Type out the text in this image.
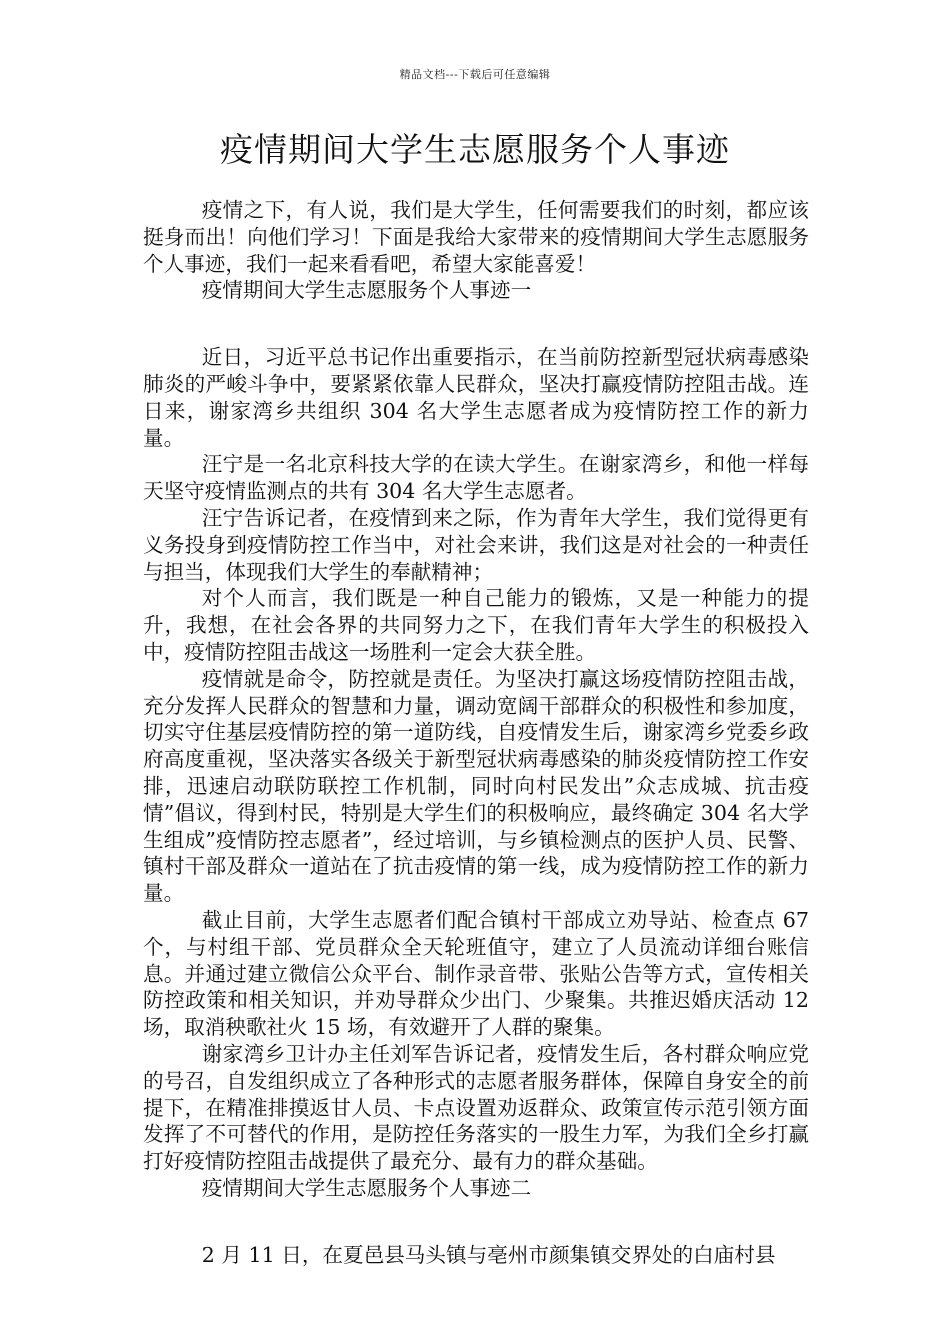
精品文档---下载后可任意编辑
疫情期间大学生志愿服务个人事迹

疫情之下，有人说，我们是大学生，任何需要我们的时刻，都应该挺身而出！向他们学习！下面是我给大家带来的疫情期间大学生志愿服务个人事迹，我们一起来看看吧，希望大家能喜爱！

疫情期间大学生志愿服务个人事迹一

近日，习近平总书记作出重要指示，在当前防控新型冠状病毒感染肺炎的严峻斗争中，要紧紧依靠人民群众，坚决打赢疫情防控阻击战。连日来，谢家湾乡共组织 304 名大学生志愿者成为疫情防控工作的新力量。

汪宁是一名北京科技大学的在读大学生。在谢家湾乡，和他一样每天坚守疫情监测点的共有 304 名大学生志愿者。

汪宁告诉记者，在疫情到来之际，作为青年大学生，我们觉得更有义务投身到疫情防控工作当中，对社会来讲，我们这是对社会的一种责任与担当，体现我们大学生的奉献精神；

对个人而言，我们既是一种自己能力的锻炼，又是一种能力的提升，我想，在社会各界的共同努力之下，在我们青年大学生的积极投入中，疫情防控阻击战这一场胜利一定会大获全胜。

疫情就是命令，防控就是责任。为坚决打赢这场疫情防控阻击战，充分发挥人民群众的智慧和力量，调动宽阔干部群众的积极性和参加度，切实守住基层疫情防控的第一道防线，自疫情发生后，谢家湾乡党委乡政府高度重视，坚决落实各级关于新型冠状病毒感染的肺炎疫情防控工作安排，迅速启动联防联控工作机制，同时向村民发出”众志成城、抗击疫情”倡议，得到村民，特别是大学生们的积极响应，最终确定 304 名大学生组成”疫情防控志愿者”，经过培训，与乡镇检测点的医护人员、民警、镇村干部及群众一道站在了抗击疫情的第一线，成为疫情防控工作的新力量。

截止目前，大学生志愿者们配合镇村干部成立劝导站、检查点 67 个，与村组干部、党员群众全天轮班值守，建立了人员流动详细台账信息。并通过建立微信公众平台、制作录音带、张贴公告等方式，宣传相关防控政策和相关知识，并劝导群众少出门、少聚集。共推迟婚庆活动 12 场，取消秧歌社火 15 场，有效避开了人群的聚集。

谢家湾乡卫计办主任刘军告诉记者，疫情发生后，各村群众响应党的号召，自发组织成立了各种形式的志愿者服务群体，保障自身安全的前提下，在精准排摸返甘人员、卡点设置劝返群众、政策宣传示范引领方面发挥了不可替代的作用，是防控任务落实的一股生力军，为我们全乡打赢打好疫情防控阻击战提供了最充分、最有力的群众基础。

疫情期间大学生志愿服务个人事迹二

2 月 11 日，在夏邑县马头镇与亳州市颜集镇交界处的白庙村县
